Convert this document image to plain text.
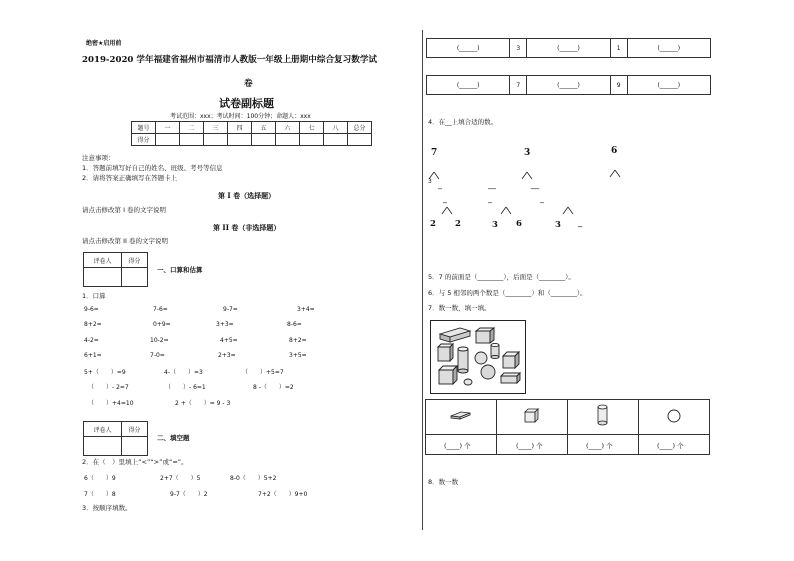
绝密★启用前
2019-2020 学年福建省福州市福清市人教版一年级上册期中综合复习数学试
卷
试卷副标题
考试范围：xxx；考试时间：100分钟；命题人：xxx
题号	一	二	三	四	五	六	七	八	总分
得分									
注意事项：
1．答题前填写好自己的姓名、班级、考号等信息
2．请将答案正确填写在答题卡上
第 I 卷（选择题）
请点击修改第 I 卷的文字说明
第 II 卷（非选择题）
请点击修改第 II 卷的文字说明
评卷人	得分

一、口算和估算
1．口算
9-6=	7-6=	9-7=	3+4=
8+2=	0+9=	3+3=	8-6=
4-2=	10-2=	4+5=	8+2=
6+1=	7-0=	2+3=	3+5=
5+（　　）=9	4-（　　）=3	（　　）+5=7
（　　）- 2=7	（　　）- 6=1	8 -（　　）=2
（　　）+4=10	2 +（　　）= 9 - 3
评卷人	得分

二、填空题
2．在（　）里填上“<”“>”或“=”。
6（　　）9	2+7（　　）5	8-0（　　）5+2
7（　　）8	9-7（　　）2	7+2（　　）9+0
3．按顺序填数。
(______)	3	(______)	1	(______)
(______)	7	(______)	9	(______)
4．在__上填合适的数。
7	3	6
3 _	__	__
_	_	_
2 2	3 6	3 _
5．7 的前面是（________），后面是（________）。
6．与 5 相邻的两个数是（________）和（________）。
7．数一数，填一填。
(____) 个	(____) 个	(____) 个	(____) 个
8．数一数
